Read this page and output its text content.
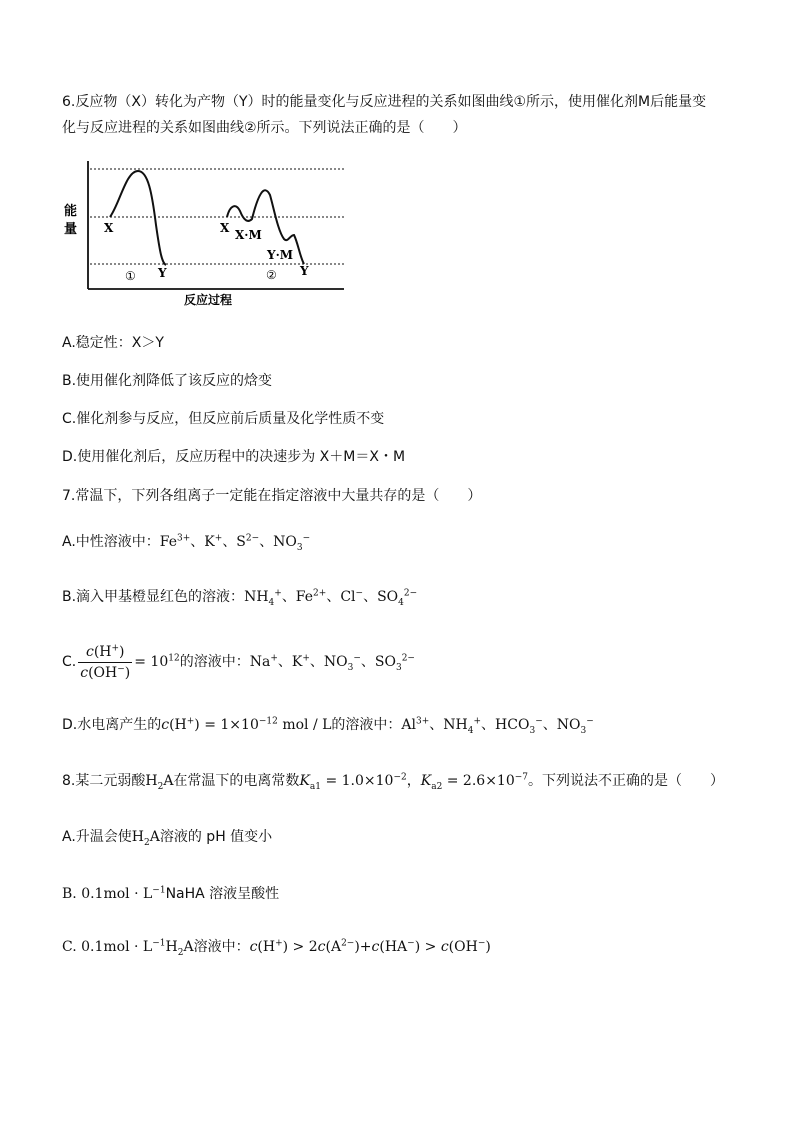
6.反应物（X）转化为产物（Y）时的能量变化与反应进程的关系如图曲线①所示，使用催化剂M后能量变
化与反应进程的关系如图曲线②所示。下列说法正确的是（　　）
能
量 X
Y
①
X X·M
Y·M
Y
②
反应过程
A.稳定性：X＞Y
B.使用催化剂降低了该反应的焓变
C.催化剂参与反应，但反应前后质量及化学性质不变
D.使用催化剂后，反应历程中的决速步为 X＋M＝X・M
7.常温下，下列各组离子一定能在指定溶液中大量共存的是（　　）
A.中性溶液中：$Fe^{3+}$、K+、$S^{2-}$、$NO_3^-$
B.滴入甲基橙显红色的溶液：$NH_4^+$、$Fe^{2+}$、Cl−、$SO_4^{2-}$
C. $\frac{c(H^+)}{c(OH^-)} = 10^{12}$的溶液中：Na+、K+、$NO_3^-$、$SO_3^{2-}$
D.水电离产生的$c(H^+) = 1\times 10^{-12}$ mol / L的溶液中：$Al^{3+}$、$NH_4^+$、$HCO_3^-$、$NO_3^-$
8.某二元弱酸$H_2A$在常温下的电离常数$K_{a1} = 1.0\times 10^{-2}$，$K_{a2} = 2.6\times 10^{-7}$。下列说法不正确的是（　　）
A.升温会使$H_2A$溶液的 pH 值变小
B. $0.1mol \cdot L^{-1}NaHA$ 溶液呈酸性
C. $0.1mol \cdot L^{-1}H_2A$溶液中：$c(H^+) > 2c(A^{2-})+c(HA^-) > c(OH^-)$
